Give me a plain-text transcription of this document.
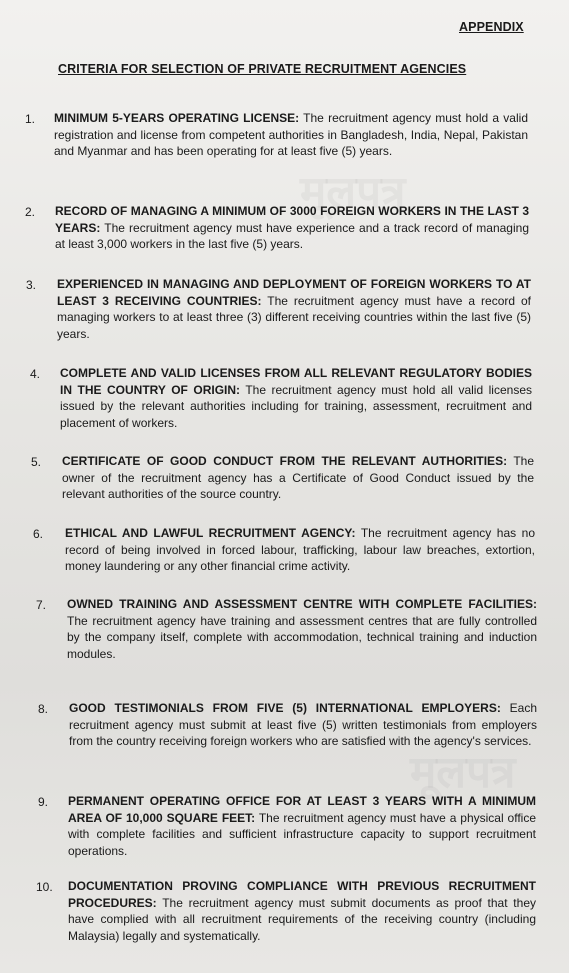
मूलपत्र
मूलपत्र
APPENDIX
CRITERIA FOR SELECTION OF PRIVATE RECRUITMENT AGENCIES
1. MINIMUM 5-YEARS OPERATING LICENSE: The recruitment agency must hold a valid registration and license from competent authorities in Bangladesh, India, Nepal, Pakistan and Myanmar and has been operating for at least five (5) years.
2. RECORD OF MANAGING A MINIMUM OF 3000 FOREIGN WORKERS IN THE LAST 3 YEARS: The recruitment agency must have experience and a track record of managing at least 3,000 workers in the last five (5) years.
3. EXPERIENCED IN MANAGING AND DEPLOYMENT OF FOREIGN WORKERS TO AT LEAST 3 RECEIVING COUNTRIES: The recruitment agency must have a record of managing workers to at least three (3) different receiving countries within the last five (5) years.
4. COMPLETE AND VALID LICENSES FROM ALL RELEVANT REGULATORY BODIES IN THE COUNTRY OF ORIGIN: The recruitment agency must hold all valid licenses issued by the relevant authorities including for training, assessment, recruitment and placement of workers.
5. CERTIFICATE OF GOOD CONDUCT FROM THE RELEVANT AUTHORITIES: The owner of the recruitment agency has a Certificate of Good Conduct issued by the relevant authorities of the source country.
6. ETHICAL AND LAWFUL RECRUITMENT AGENCY: The recruitment agency has no record of being involved in forced labour, trafficking, labour law breaches, extortion, money laundering or any other financial crime activity.
7. OWNED TRAINING AND ASSESSMENT CENTRE WITH COMPLETE FACILITIES: The recruitment agency have training and assessment centres that are fully controlled by the company itself, complete with accommodation, technical training and induction modules.
8. GOOD TESTIMONIALS FROM FIVE (5) INTERNATIONAL EMPLOYERS: Each recruitment agency must submit at least five (5) written testimonials from employers from the country receiving foreign workers who are satisfied with the agency's services.
9. PERMANENT OPERATING OFFICE FOR AT LEAST 3 YEARS WITH A MINIMUM AREA OF 10,000 SQUARE FEET: The recruitment agency must have a physical office with complete facilities and sufficient infrastructure capacity to support recruitment operations.
10. DOCUMENTATION PROVING COMPLIANCE WITH PREVIOUS RECRUITMENT PROCEDURES: The recruitment agency must submit documents as proof that they have complied with all recruitment requirements of the receiving country (including Malaysia) legally and systematically.
